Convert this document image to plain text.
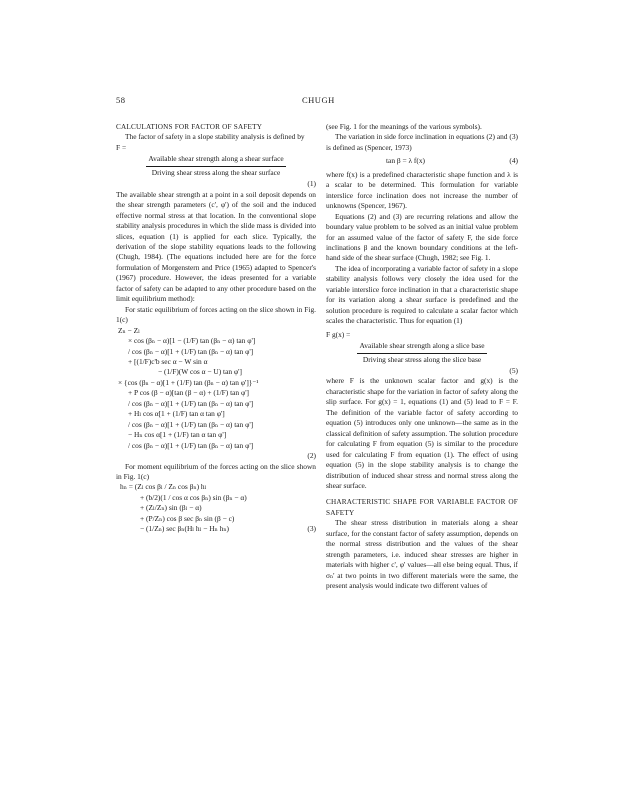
58	CHUGH

CALCULATIONS FOR FACTOR OF SAFETY

The factor of safety in a slope stability analysis is defined by

F =
Available shear strength along a shear surface
Driving shear stress along the shear surface
(1)

The available shear strength at a point in a soil deposit depends on the shear strength parameters (c', φ') of the soil and the induced effective normal stress at that location. In the conventional slope stability analysis procedures in which the slide mass is divided into slices, equation (1) is applied for each slice. Typically, the derivation of the slope stability equations leads to the following (Chugh, 1984). (The equations included here are for the force formulation of Morgenstern and Price (1965) adapted to Spencer's (1967) procedure. However, the ideas presented for a variable factor of safety can be adapted to any other procedure based on the limit equilibrium method):

For static equilibrium of forces acting on the slice shown in Fig. 1(c)

Zₙ − Zₗ
× cos (βₙ − α)[1 − (1/F) tan (βₙ − α) tan φ']
/ cos (βₙ − α)[1 + (1/F) tan (βₙ − α) tan φ']
+ [(1/F)c'b sec α − W sin α
− (1/F)(W cos α − U) tan φ']
× {cos (βₙ − α)[1 + (1/F) tan (βₙ − α) tan φ']}⁻¹
+ P cos (β − α)[tan (β − α) + (1/F) tan φ']
/ cos (βₙ − α)[1 + (1/F) tan (βₙ − α) tan φ']
+ Hₗ cos α[1 + (1/F) tan α tan φ']
/ cos (βₙ − α)[1 + (1/F) tan (βₙ − α) tan φ']
− Hₙ cos α[1 + (1/F) tan α tan φ']
/ cos (βₙ − α)[1 + (1/F) tan (βₙ − α) tan φ']
(2)

For moment equilibrium of the forces acting on the slice shown in Fig. 1(c)

hₙ = (Zₗ cos βₗ / Zₙ cos βₙ) hₗ
+ (b/2)(1 / cos α cos βₙ) sin (βₙ − α)
+ (Zₗ/Zₙ) sin (βₗ − α)
+ (P/Zₙ) cos β sec βₙ sin (β − c)
− (1/Zₙ) sec βₙ(Hₗ hₗ − Hₙ hₙ)	(3)

(see Fig. 1 for the meanings of the various symbols).

The variation in side force inclination in equations (2) and (3) is defined as (Spencer, 1973)

tan β = λ f(x)	(4)

where f(x) is a predefined characteristic shape function and λ is a scalar to be determined. This formulation for variable interslice force inclination does not increase the number of unknowns (Spencer, 1967).

Equations (2) and (3) are recurring relations and allow the boundary value problem to be solved as an initial value problem for an assumed value of the factor of safety F, the side force inclinations β and the known boundary conditions at the left-hand side of the shear surface (Chugh, 1982; see Fig. 1.

The idea of incorporating a variable factor of safety in a slope stability analysis follows very closely the idea used for the variable interslice force inclination in that a characteristic shape for its variation along a shear surface is predefined and the solution procedure is required to calculate a scalar factor which scales the characteristic. Thus for equation (1)

F g(x) =
Available shear strength along a slice base
Driving shear stress along the slice base
(5)

where F is the unknown scalar factor and g(x) is the characteristic shape for the variation in factor of safety along the slip surface. For g(x) = 1, equations (1) and (5) lead to F = F. The definition of the variable factor of safety according to equation (5) introduces only one unknown—the same as in the classical definition of safety assumption. The solution procedure for calculating F from equation (5) is similar to the procedure used for calculating F from equation (1). The effect of using equation (5) in the slope stability analysis is to change the distribution of induced shear stress and normal stress along the shear surface.

CHARACTERISTIC SHAPE FOR VARIABLE FACTOR OF SAFETY

The shear stress distribution in materials along a shear surface, for the constant factor of safety assumption, depends on the normal stress distribution and the values of the shear strength parameters, i.e. induced shear stresses are higher in materials with higher c', φ' values—all else being equal. Thus, if σₙ' at two points in two different materials were the same, the present analysis would indicate two different values of
